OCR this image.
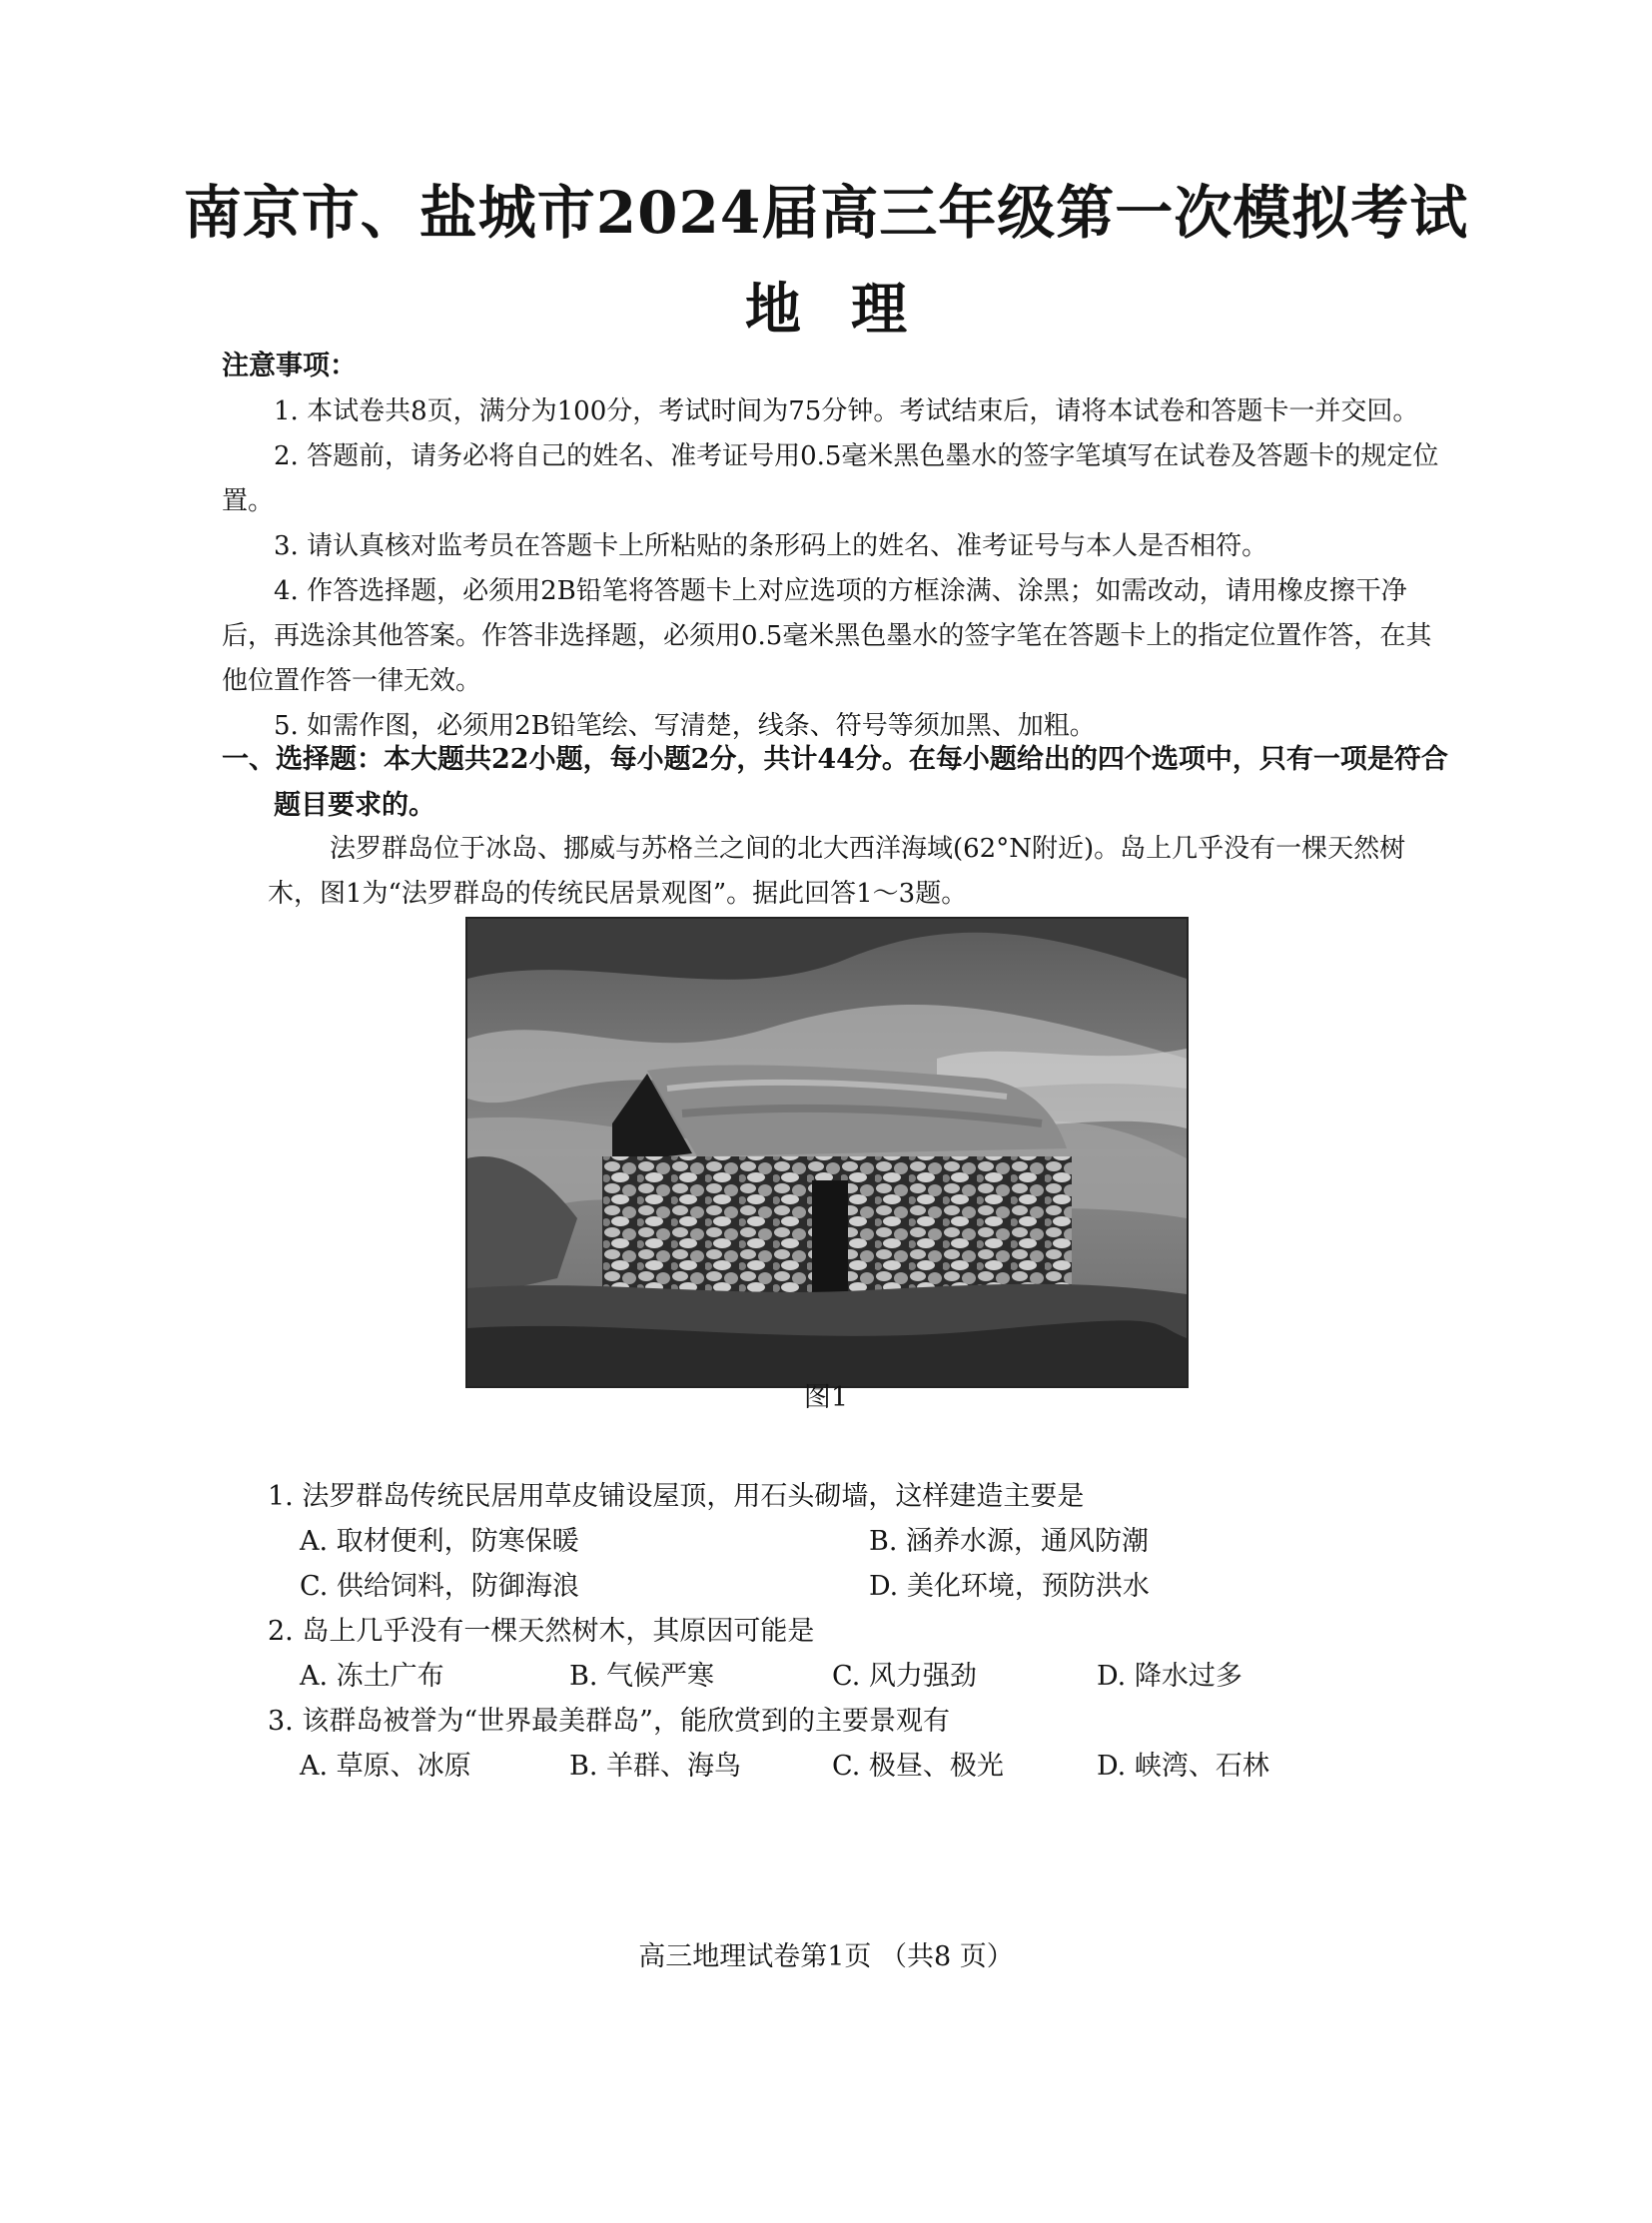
南京市、盐城市2024届高三年级第一次模拟考试
地理
注意事项：

1. 本试卷共8页，满分为100分，考试时间为75分钟。考试结束后，请将本试卷和答题卡一并交回。

2. 答题前，请务必将自己的姓名、准考证号用0.5毫米黑色墨水的签字笔填写在试卷及答题卡的规定位置。

3. 请认真核对监考员在答题卡上所粘贴的条形码上的姓名、准考证号与本人是否相符。

4. 作答选择题，必须用2B铅笔将答题卡上对应选项的方框涂满、涂黑；如需改动，请用橡皮擦干净后，再选涂其他答案。作答非选择题，必须用0.5毫米黑色墨水的签字笔在答题卡上的指定位置作答，在其他位置作答一律无效。

5. 如需作图，必须用2B铅笔绘、写清楚，线条、符号等须加黑、加粗。

一、选择题：本大题共22小题，每小题2分，共计44分。在每小题给出的四个选项中，只有一项是符合题目要求的。

法罗群岛位于冰岛、挪威与苏格兰之间的北大西洋海域(62°N附近)。岛上几乎没有一棵天然树木，图1为“法罗群岛的传统民居景观图”。据此回答1～3题。

图1

1. 法罗群岛传统民居用草皮铺设屋顶，用石头砌墙，这样建造主要是

A. 取材便利，防寒保暖	B. 涵养水源，通风防潮
C. 供给饲料，防御海浪	D. 美化环境，预防洪水

2. 岛上几乎没有一棵天然树木，其原因可能是

A. 冻土广布	B. 气候严寒	C. 风力强劲	D. 降水过多

3. 该群岛被誉为“世界最美群岛”，能欣赏到的主要景观有

A. 草原、冰原	B. 羊群、海鸟	C. 极昼、极光	D. 峡湾、石林
高三地理试卷第1页 （共8 页）
